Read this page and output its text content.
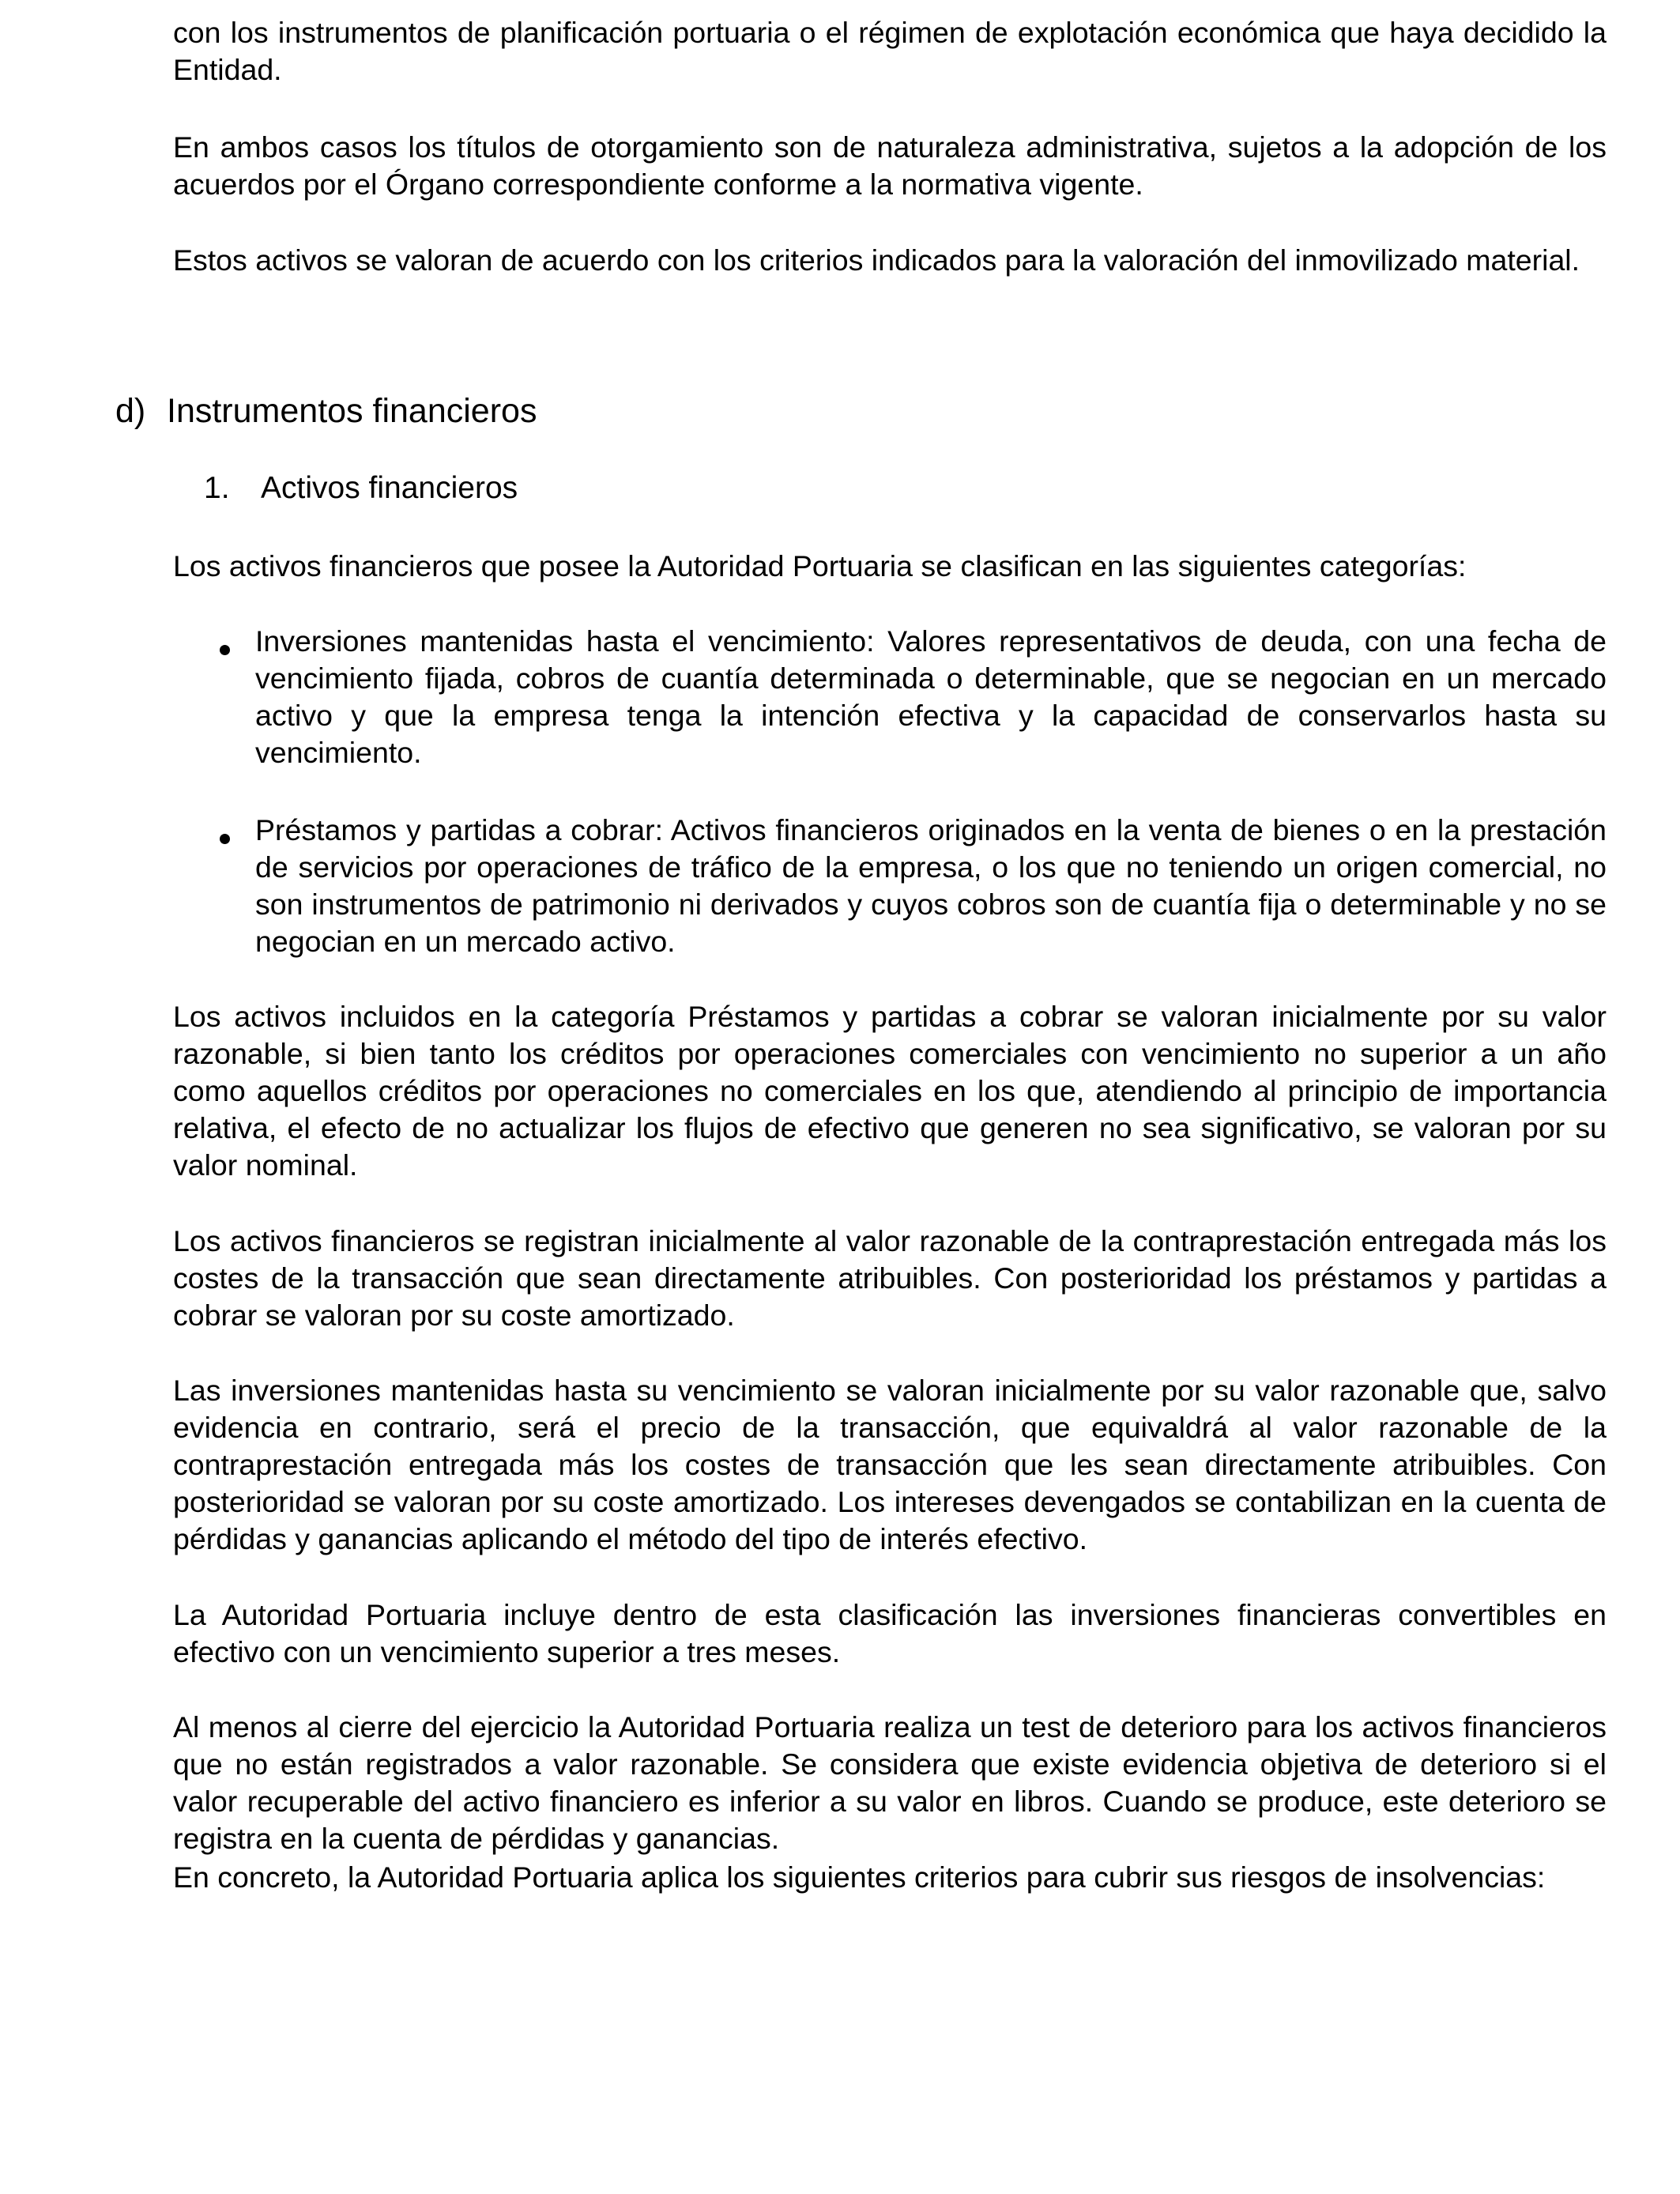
con los instrumentos de planificación portuaria o el régimen de explotación económica que haya decidido la Entidad.

En ambos casos los títulos de otorgamiento son de naturaleza administrativa, sujetos a la adopción de los acuerdos por el Órgano correspondiente conforme a la normativa vigente.

Estos activos se valoran de acuerdo con los criterios indicados para la valoración del inmovilizado material.

d) Instrumentos financieros
1. Activos financieros

Los activos financieros que posee la Autoridad Portuaria se clasifican en las siguientes categorías:

Inversiones mantenidas hasta el vencimiento: Valores representativos de deuda, con una fecha de vencimiento fijada, cobros de cuantía determinada o determinable, que se negocian en un mercado activo y que la empresa tenga la intención efectiva y la capacidad de conservarlos hasta su vencimiento.

Préstamos y partidas a cobrar: Activos financieros originados en la venta de bienes o en la prestación de servicios por operaciones de tráfico de la empresa, o los que no teniendo un origen comercial, no son instrumentos de patrimonio ni derivados y cuyos cobros son de cuantía fija o determinable y no se negocian en un mercado activo.

Los activos incluidos en la categoría Préstamos y partidas a cobrar se valoran inicialmente por su valor razonable, si bien tanto los créditos por operaciones comerciales con vencimiento no superior a un año como aquellos créditos por operaciones no comerciales en los que, atendiendo al principio de importancia relativa, el efecto de no actualizar los flujos de efectivo que generen no sea significativo, se valoran por su valor nominal.

Los activos financieros se registran inicialmente al valor razonable de la contraprestación entregada más los costes de la transacción que sean directamente atribuibles. Con posterioridad los préstamos y partidas a cobrar se valoran por su coste amortizado.

Las inversiones mantenidas hasta su vencimiento se valoran inicialmente por su valor razonable que, salvo evidencia en contrario, será el precio de la transacción, que equivaldrá al valor razonable de la contraprestación entregada más los costes de transacción que les sean directamente atribuibles. Con posterioridad se valoran por su coste amortizado. Los intereses devengados se contabilizan en la cuenta de pérdidas y ganancias aplicando el método del tipo de interés efectivo.

La Autoridad Portuaria incluye dentro de esta clasificación las inversiones financieras convertibles en efectivo con un vencimiento superior a tres meses.

Al menos al cierre del ejercicio la Autoridad Portuaria realiza un test de deterioro para los activos financieros que no están registrados a valor razonable. Se considera que existe evidencia objetiva de deterioro si el valor recuperable del activo financiero es inferior a su valor en libros. Cuando se produce, este deterioro se registra en la cuenta de pérdidas y ganancias.

En concreto, la Autoridad Portuaria aplica los siguientes criterios para cubrir sus riesgos de insolvencias:
